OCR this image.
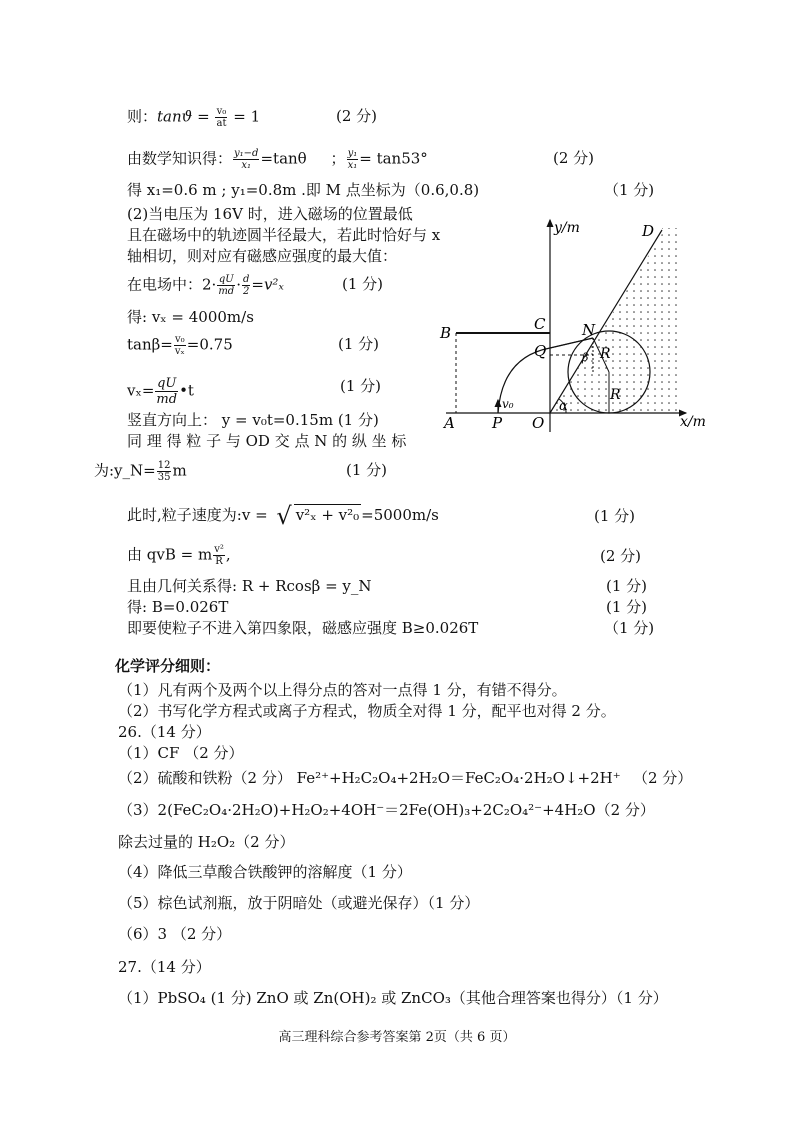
则：$\tan ϑ = \frac{\text{v₀}}{at} = 1$	(2 分)
由数学知识得： $\frac{\text{y₁−d}}{\text{x₁}} =\tan\theta$ ； $\frac{\text{y₁}}{\text{x₁}} = \tan 53^\circ$	(2 分)
得 x₁=0.6 m ; y₁=0.8m .即 M 点坐标为（0.6,0.8)	（1 分)
(2)当电压为 16V 时，进入磁场的位置最低
且在磁场中的轨迹圆半径最大，若此时恰好与 x
轴相切，则对应有磁感应强度的最大值：
在电场中：$2\cdot \frac{qU}{md} \cdot \frac{d}{2} =v^2_x$	(1 分)
得: vₓ = 4000m/s
$\tan\beta= \frac{\text{v₀}}{\text{vₓ}} =0.75$	(1 分)
$v_x= \frac{qU}{md}$ •t	(1 分)
竖直方向上： y = v₀t=0.15m (1 分)
同 理 得 粒 子 与 OD 交 点 N 的 纵 坐 标
为:y_N= $\frac{12}{35}$ m	(1 分)
此时,粒子速度为:v = √ v²ₓ + v²₀ =5000m/s	(1 分)
由 qvB = m $\frac{\text{v²}}{R}$ ,	(2 分)
且由几何关系得: R + Rcosβ = y_N	(1 分)
得: B=0.026T	(1 分)
即要使粒子不进入第四象限，磁感应强度 B≥0.026T	（1 分)
y/m
x/m
D
B	C N
Q	R
R
β
A P O
α
v₀
化学评分细则：
（1）凡有两个及两个以上得分点的答对一点得 1 分，有错不得分。
（2）书写化学方程式或离子方程式，物质全对得 1 分，配平也对得 2 分。
26.（14 分）
（1）CF （2 分）
（2）硫酸和铁粉（2 分） Fe²⁺+H₂C₂O₄+2H₂O＝FeC₂O₄·2H₂O↓+2H⁺ （2 分）
（3）2(FeC₂O₄·2H₂O)+H₂O₂+4OH⁻＝2Fe(OH)₃+2C₂O₄²⁻+4H₂O（2 分）
除去过量的 H₂O₂（2 分）
（4）降低三草酸合铁酸钾的溶解度（1 分）
（5）棕色试剂瓶，放于阴暗处（或避光保存）（1 分）
（6）3 （2 分）
27.（14 分）
（1）PbSO₄ (1 分) ZnO 或 Zn(OH)₂ 或 ZnCO₃（其他合理答案也得分）（1 分）
高三理科综合参考答案第 2页（共 6 页）
